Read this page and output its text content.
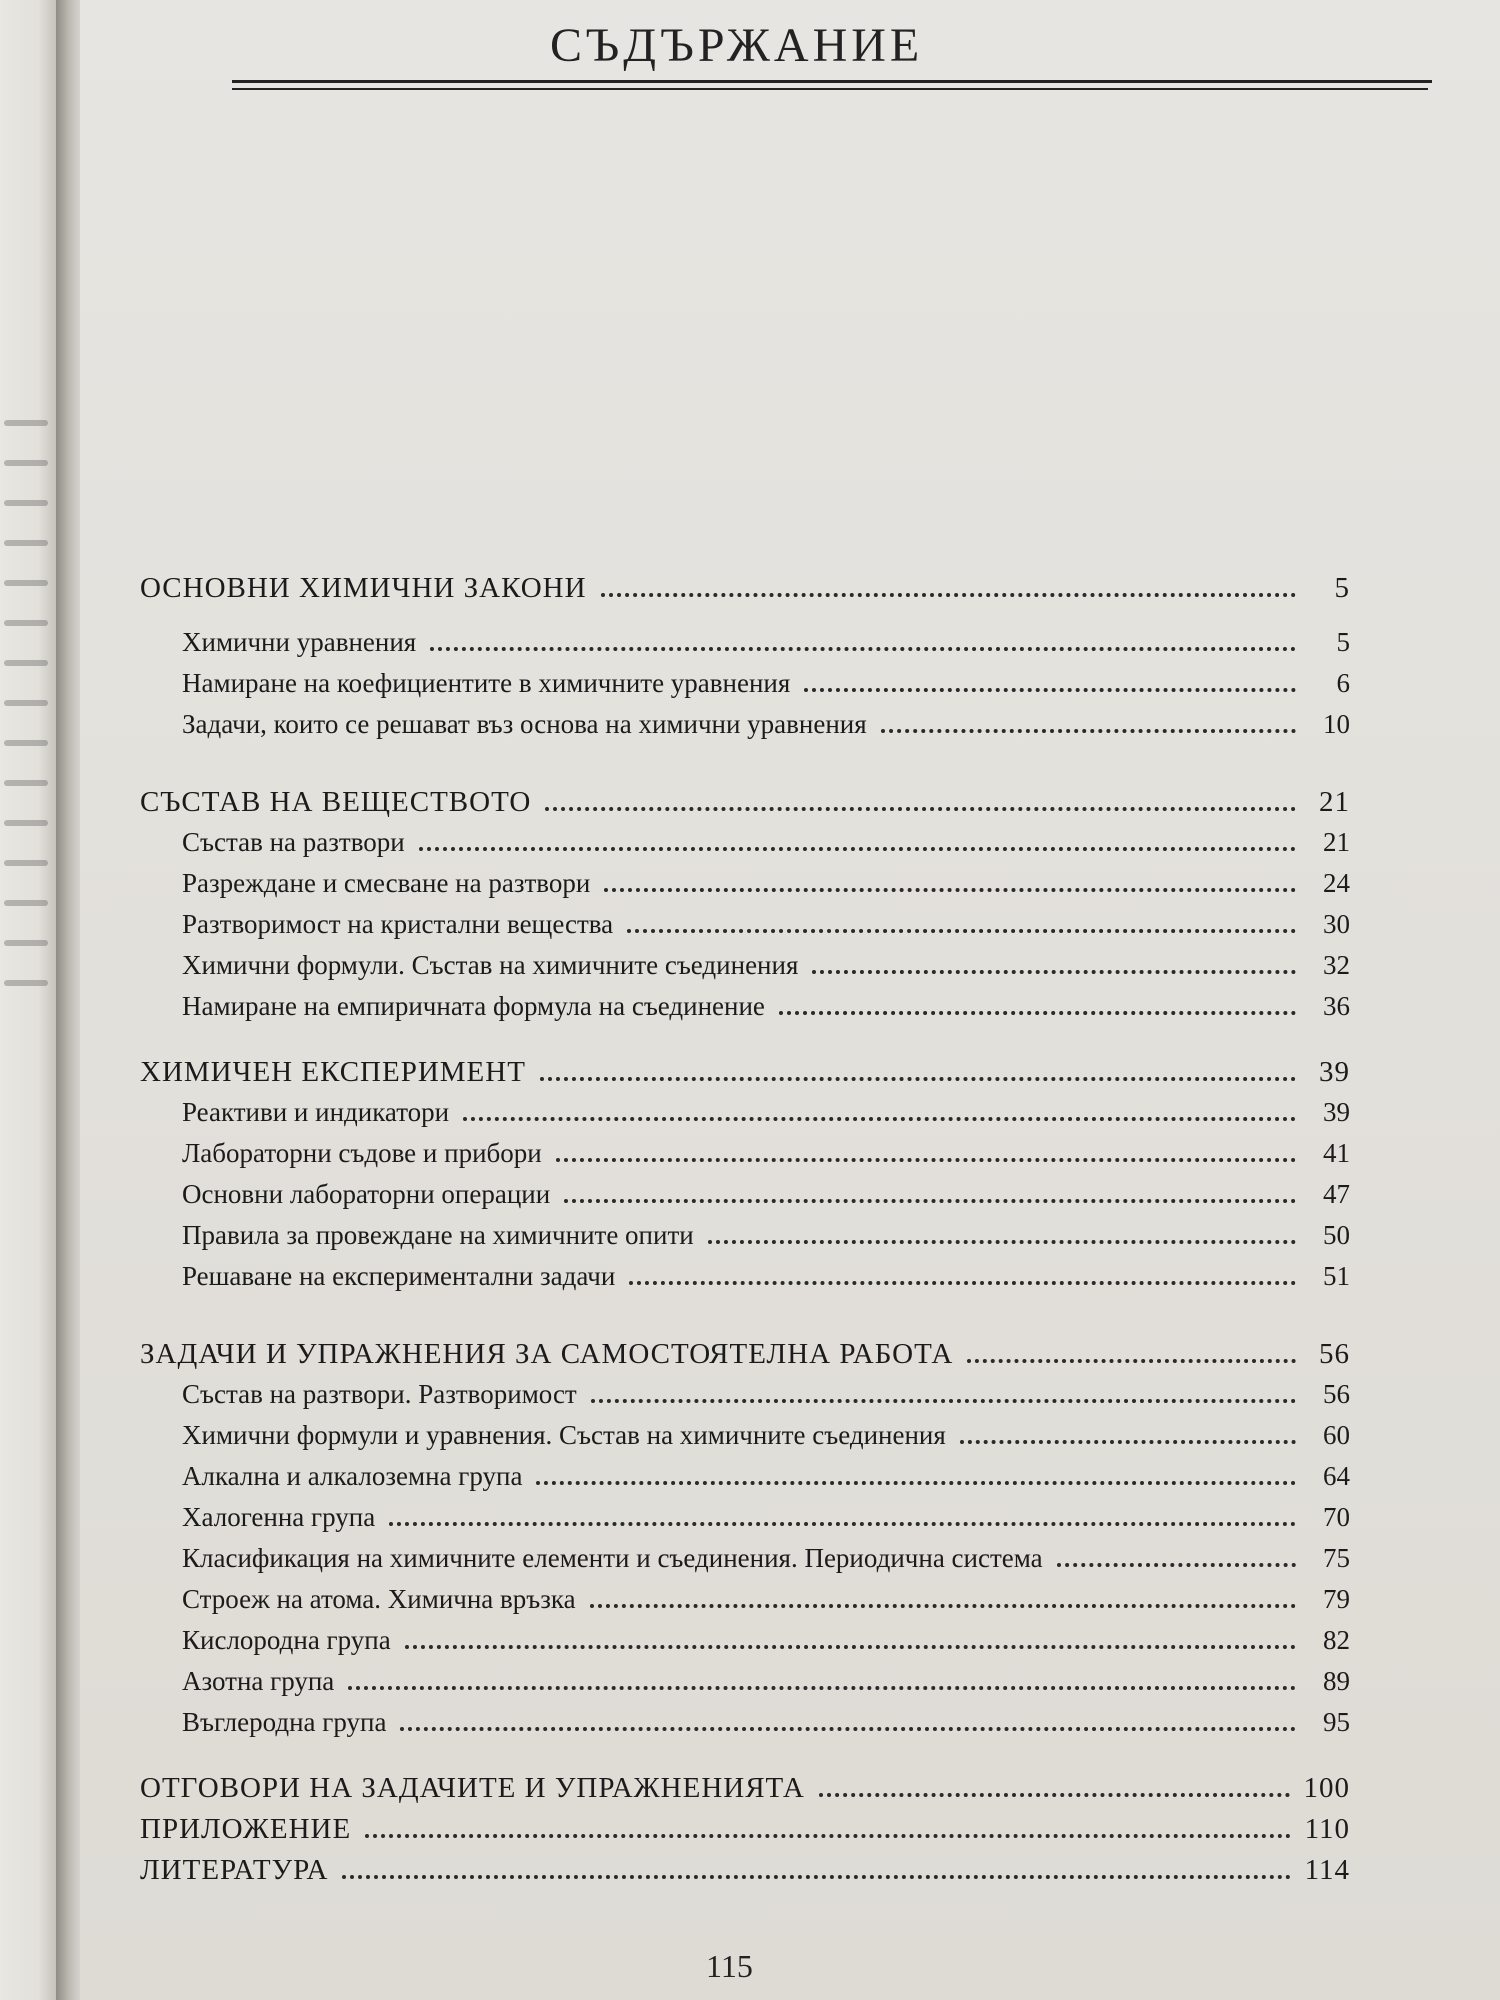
СЪДЪРЖАНИЕ
ОСНОВНИ ХИМИЧНИ ЗАКОНИ	5
Химични уравнения	5
Намиране на коефициентите в химичните уравнения	6
Задачи, които се решават въз основа на химични уравнения	10
СЪСТАВ НА ВЕЩЕСТВОТО	21
Състав на разтвори	21
Разреждане и смесване на разтвори	24
Разтворимост на кристални вещества	30
Химични формули. Състав на химичните съединения	32
Намиране на емпиричната формула на съединение	36
ХИМИЧЕН ЕКСПЕРИМЕНТ	39
Реактиви и индикатори	39
Лабораторни съдове и прибори	41
Основни лабораторни операции	47
Правила за провеждане на химичните опити	50
Решаване на експериментални задачи	51
ЗАДАЧИ И УПРАЖНЕНИЯ ЗА САМОСТОЯТЕЛНА РАБОТА	56
Състав на разтвори. Разтворимост	56
Химични формули и уравнения. Състав на химичните съединения	60
Алкална и алкалоземна група	64
Халогенна група	70
Класификация на химичните елементи и съединения. Периодична система	75
Строеж на атома. Химична връзка	79
Кислородна група	82
Азотна група	89
Въглеродна група	95
ОТГОВОРИ НА ЗАДАЧИТЕ И УПРАЖНЕНИЯТА	100
ПРИЛОЖЕНИЕ	110
ЛИТЕРАТУРА	114
115
